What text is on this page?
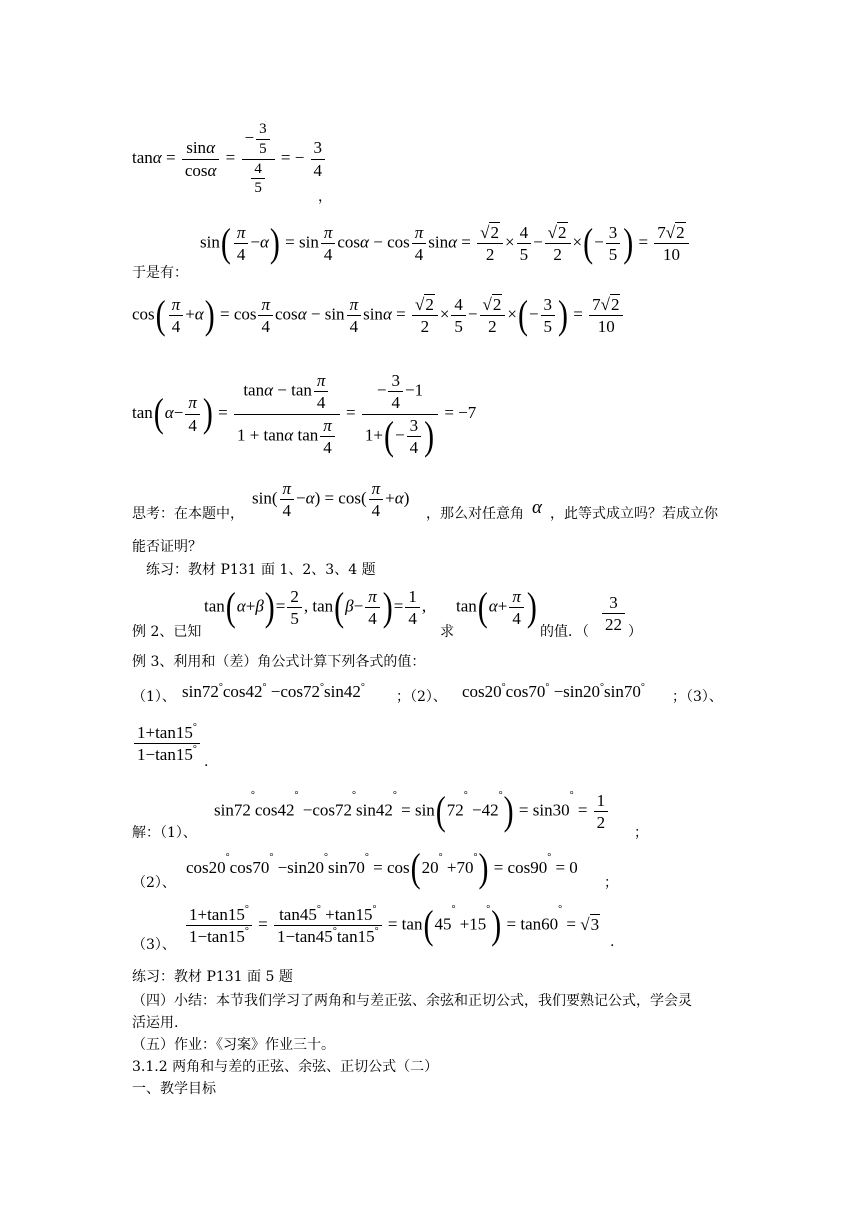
$\tan\alpha = \frac{\sin\alpha}{\cos\alpha} = \frac{- \frac{3}{5}}{\frac{4}{5}}$ = − $\frac{3}{4}$
，
于是有：
$\sin( \frac{\pi}{4} -\alpha) = \sin \frac{\pi}{4}$ $\cos\alpha - \cos \frac{\pi}{4}$ $\sin\alpha = \frac{√2}{2} \times \frac{4}{5} - \frac{√2}{2}$ ×(− $\frac{3}{5}$ ) = $\frac{7√2}{10}$
$\cos( \frac{\pi}{4} +\alpha) = \cos \frac{\pi}{4}$ $\cos\alpha - \sin \frac{\pi}{4}$ $\sin\alpha = \frac{√2}{2} \times \frac{4}{5} - \frac{√2}{2}$ ×(− $\frac{3}{5}$ ) = $\frac{7√2}{10}$
$\tan(\alpha- \frac{\pi}{4}$ ) = $\frac{\tan\alpha - \tan \frac{\pi}{4}}{1 + \tan\alpha \tan \frac{\pi}{4}} = \frac{- \frac{3}{4} -1}{1+(- \frac{3}{4} )} = -7$
$\sin( \frac{\pi}{4} -\alpha) = \cos( \frac{\pi}{4} +\alpha)$
思考：在本题中，	，那么对任意角 α ，此等式成立吗？若成立你
能否证明？
练习：教材 P131 面 1、2、3、4 题
例 2、已知
$\tan(\alpha+\beta)= \frac{2}{5}$ , $\tan(\beta- \frac{\pi}{4}$ )= $\frac{1}{4}$ ,
求
$\tan(\alpha+ \frac{\pi}{4}$ )
的值．（ $\frac{3}{22}$ ）
例 3、利用和（差）角公式计算下列各式的值：
（1）、 sin72°cos42° −cos72°sin42°
；（2）、 cos20°cos70° −sin20°sin70°
；（3）、
$\frac{1+\tan 15^\circ}{1-\tan 15^\circ}$ .
解：（1）、
$\sin 72^\circ\cos 42^\circ -\cos 72^\circ\sin 42^\circ = \sin(72^\circ -42^\circ) = \sin 30^\circ = \frac{1}{2}$ ；
（2）、
cos20°cos70° −sin20°sin70° = cos(20° +70°) = cos90° = 0
；
（3）、 $\frac{1+\tan 15^\circ}{1-\tan 15^\circ} = \frac{\tan 45^\circ +\tan 15^\circ}{1-\tan 45^\circ\tan 15^\circ} = \tan(45^\circ +15^\circ) = \tan 60^\circ = √3$
.
练习：教材 P131 面 5 题
（四）小结：本节我们学习了两角和与差正弦、余弦和正切公式，我们要熟记公式，学会灵
活运用.
（五）作业：《习案》作业三十。
3.1.2 两角和与差的正弦、余弦、正切公式（二）
一、教学目标
